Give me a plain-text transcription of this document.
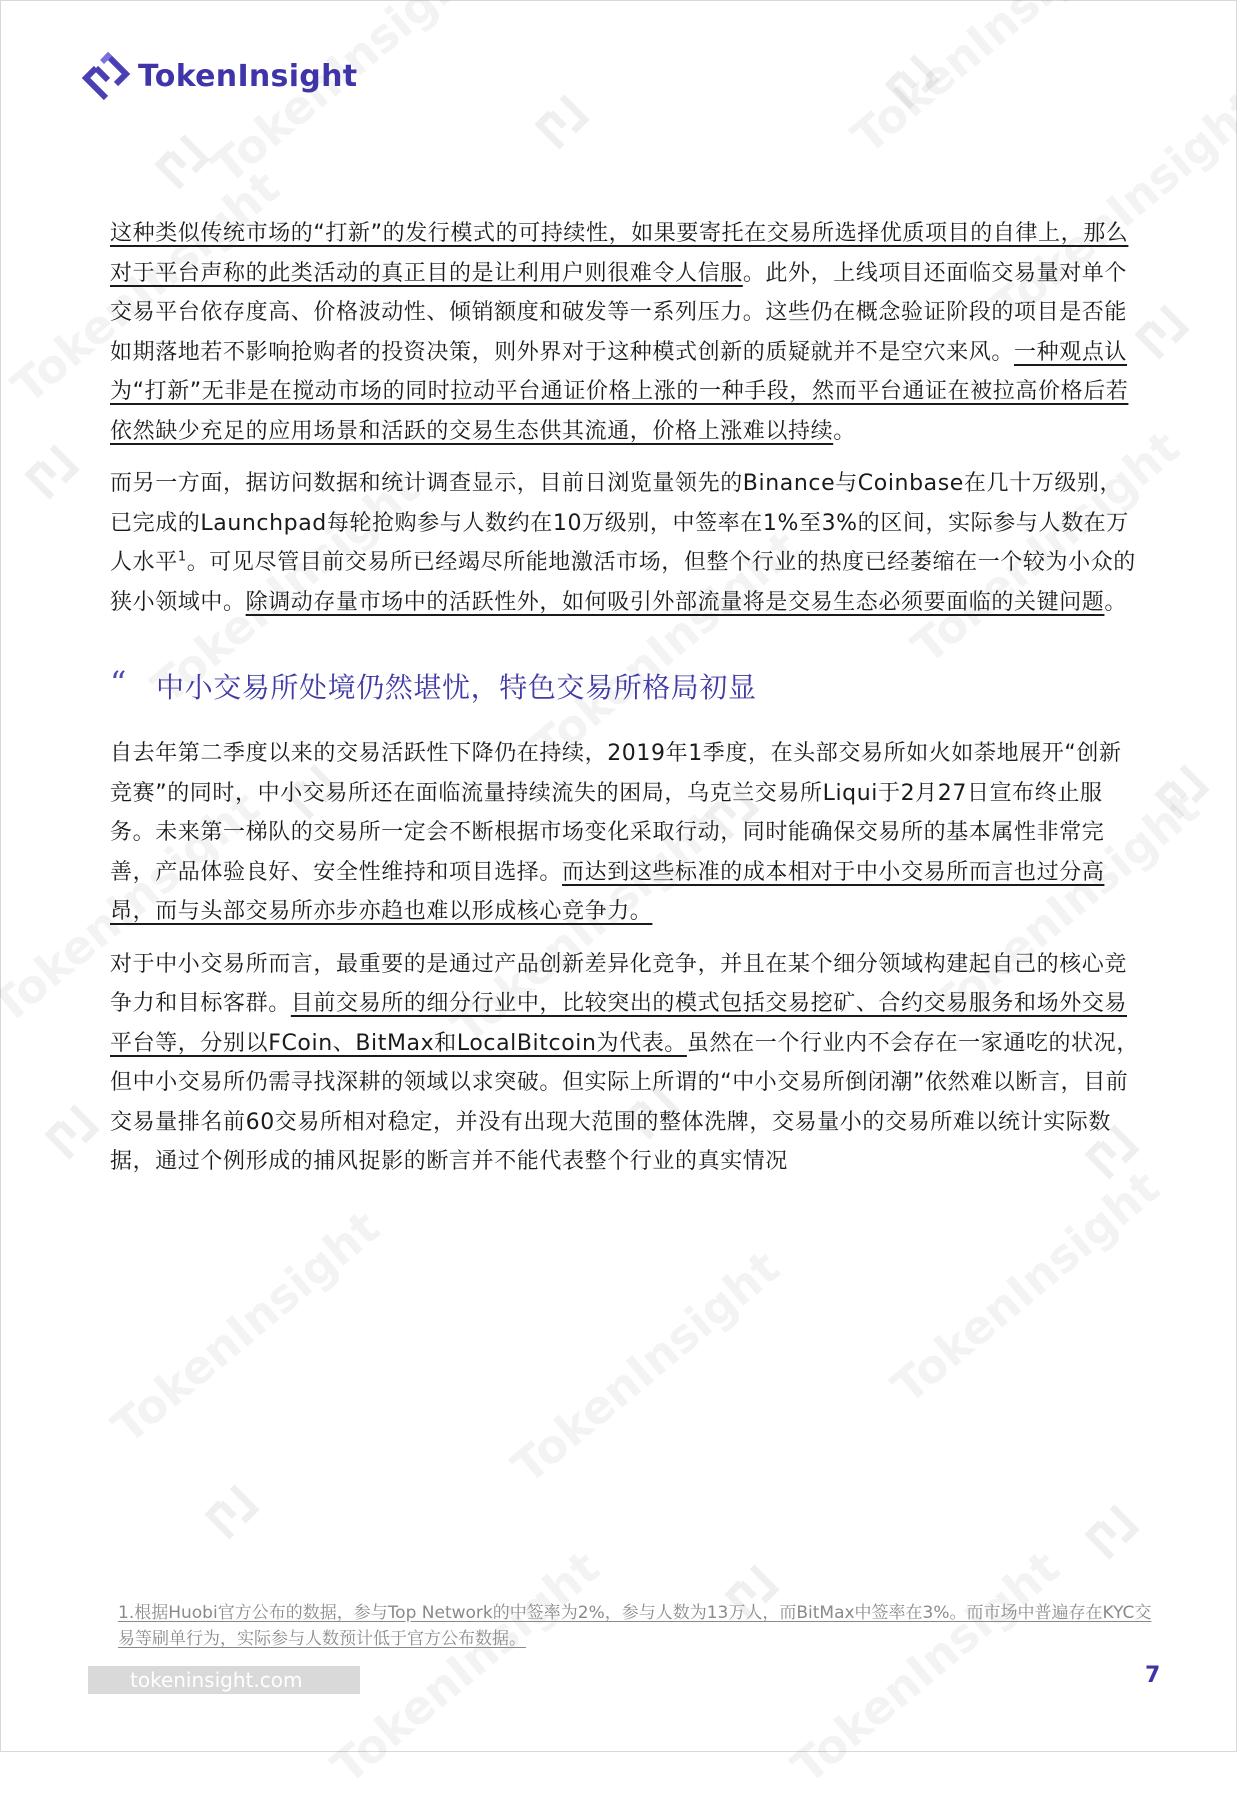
TokenInsight

这种类似传统市场的“打新”的发行模式的可持续性，如果要寄托在交易所选择优质项目的自律上，那么对于平台声称的此类活动的真正目的是让利用户则很难令人信服。此外，上线项目还面临交易量对单个交易平台依存度高、价格波动性、倾销额度和破发等一系列压力。这些仍在概念验证阶段的项目是否能如期落地若不影响抢购者的投资决策，则外界对于这种模式创新的质疑就并不是空穴来风。一种观点认为“打新”无非是在搅动市场的同时拉动平台通证价格上涨的一种手段，然而平台通证在被拉高价格后若依然缺少充足的应用场景和活跃的交易生态供其流通，价格上涨难以持续。

而另一方面，据访问数据和统计调查显示，目前日浏览量领先的Binance与Coinbase在几十万级别，已完成的Launchpad每轮抢购参与人数约在10万级别，中签率在1%至3%的区间，实际参与人数在万人水平$^1$。可见尽管目前交易所已经竭尽所能地激活市场，但整个行业的热度已经萎缩在一个较为小众的狭小领域中。除调动存量市场中的活跃性外，如何吸引外部流量将是交易生态必须要面临的关键问题。

“	中小交易所处境仍然堪忧，特色交易所格局初显

自去年第二季度以来的交易活跃性下降仍在持续，2019年1季度，在头部交易所如火如荼地展开“创新竞赛”的同时，中小交易所还在面临流量持续流失的困局，乌克兰交易所Liqui于2月27日宣布终止服务。未来第一梯队的交易所一定会不断根据市场变化采取行动，同时能确保交易所的基本属性非常完善，产品体验良好、安全性维持和项目选择。而达到这些标准的成本相对于中小交易所而言也过分高昂，而与头部交易所亦步亦趋也难以形成核心竞争力。

对于中小交易所而言，最重要的是通过产品创新差异化竞争，并且在某个细分领域构建起自己的核心竞争力和目标客群。目前交易所的细分行业中，比较突出的模式包括交易挖矿、合约交易服务和场外交易平台等，分别以FCoin、BitMax和LocalBitcoin为代表。虽然在一个行业内不会存在一家通吃的状况，但中小交易所仍需寻找深耕的领域以求突破。但实际上所谓的“中小交易所倒闭潮”依然难以断言，目前交易量排名前60交易所相对稳定，并没有出现大范围的整体洗牌，交易量小的交易所难以统计实际数据，通过个例形成的捕风捉影的断言并不能代表整个行业的真实情况

1.根据Huobi官方公布的数据，参与Top Network的中签率为2%，参与人数为13万人，而BitMax中签率在3%。而市场中普遍存在KYC交易等刷单行为，实际参与人数预计低于官方公布数据。
tokeninsight.com	7
